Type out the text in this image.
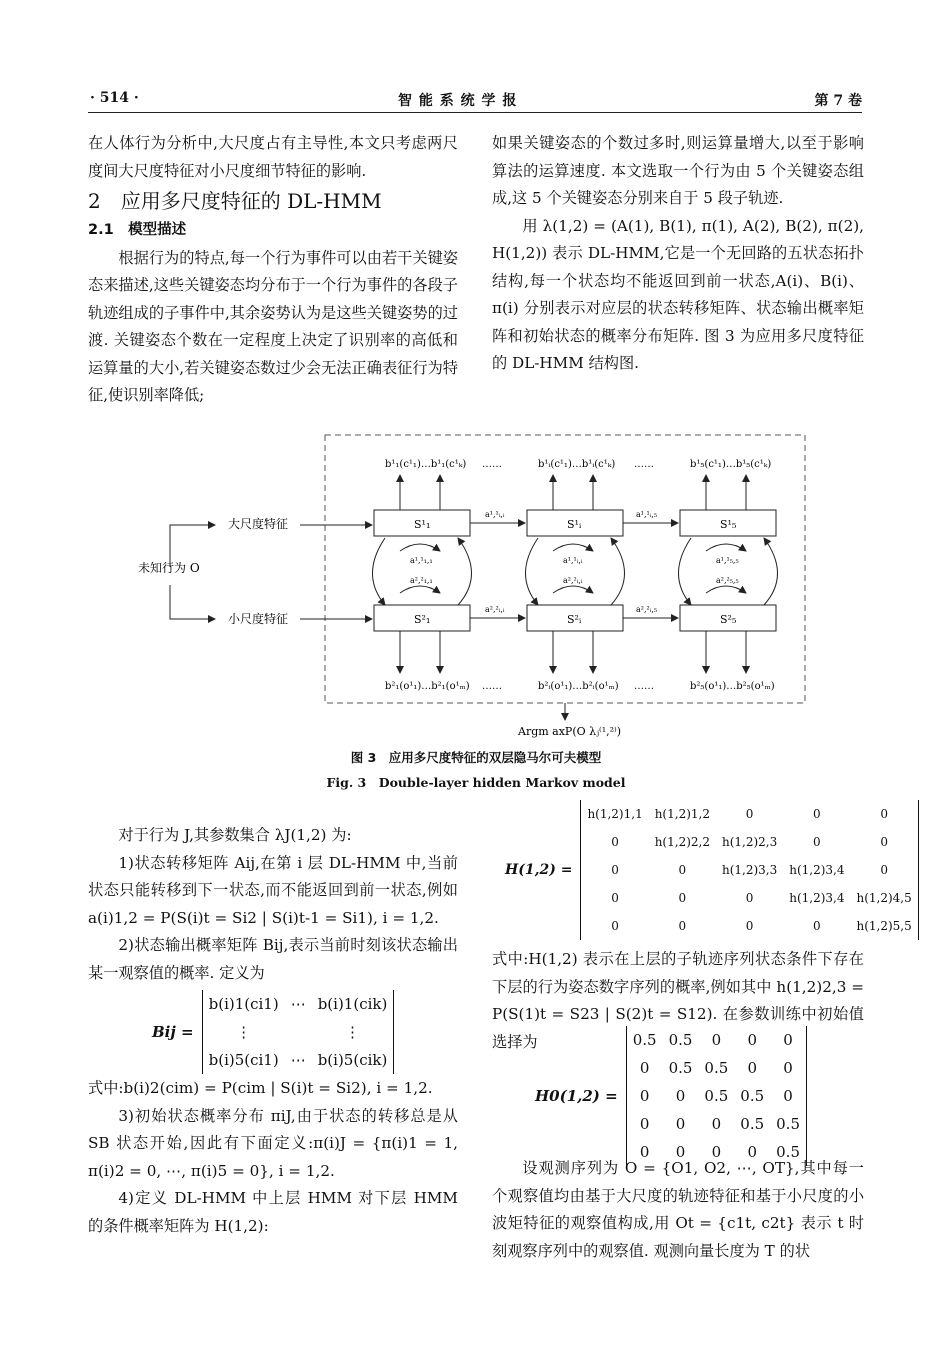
· 514 ·	智 能 系 统 学 报	第 7 卷

在人体行为分析中,大尺度占有主导性,本文只考虑两尺度间大尺度特征对小尺度细节特征的影响.

2　应用多尺度特征的 DL-HMM

2.1　模型描述

根据行为的特点,每一个行为事件可以由若干关键姿态来描述,这些关键姿态均分布于一个行为事件的各段子轨迹组成的子事件中,其余姿势认为是这些关键姿势的过渡. 关键姿态个数在一定程度上决定了识别率的高低和运算量的大小,若关键姿态数过少会无法正确表征行为特征,使识别率降低;

如果关键姿态的个数过多时,则运算量增大,以至于影响算法的运算速度. 本文选取一个行为由 5 个关键姿态组成,这 5 个关键姿态分别来自于 5 段子轨迹.

用 λ(1,2) = (A(1), B(1), π(1), A(2), B(2), π(2), H(1,2)) 表示 DL-HMM,它是一个无回路的五状态拓扑结构,每一个状态均不能返回到前一状态,A(i)、B(i)、π(i) 分别表示对应层的状态转移矩阵、状态输出概率矩阵和初始状态的概率分布矩阵. 图 3 为应用多尺度特征的 DL-HMM 结构图.

未知行为 O
大尺度特征
小尺度特征
S¹₁	S¹ᵢ	S¹₅
S²₁	S²ᵢ	S²₅
a¹,¹ᵢ,ᵢ	a¹,¹ᵢ,₅
a²,²ᵢ,ᵢ	a²,²ᵢ,₅
a¹,¹₁,₁
a²,²₁,₁
a¹,¹ᵢ,ᵢ
a²,²ᵢ,ᵢ
a¹,¹₅,₅
a²,²₅,₅
b¹₁(c¹₁)…b¹₁(c¹ₖ) ……	b¹ᵢ(c¹₁)…b¹ᵢ(c¹ₖ) ……	b¹₅(c¹₁)…b¹₅(c¹ₖ)
b²₁(o¹₁)…b²₁(o¹ₘ) ……	b²ᵢ(o¹₁)…b²ᵢ(o¹ₘ) ……	b²₅(o¹₁)…b²₅(o¹ₘ)
Argm axP(O λⱼ⁽¹,²⁾)
图 3　应用多尺度特征的双层隐马尔可夫模型
Fig. 3　Double-layer hidden Markov model

对于行为 J,其参数集合 λJ(1,2) 为:

1)状态转移矩阵 Aij,在第 i 层 DL-HMM 中,当前状态只能转移到下一状态,而不能返回到前一状态,例如 a(i)1,2 = P(S(i)t = Si2 | S(i)t-1 = Si1), i = 1,2.

2)状态输出概率矩阵 Bij,表示当前时刻该状态输出某一观察值的概率. 定义为

Bij =
b(i)1(ci1)	⋯	b(i)1(cik)
⋮		⋮
b(i)5(ci1)	⋯	b(i)5(cik)

式中:b(i)2(cim) = P(cim | S(i)t = Si2), i = 1,2.

3)初始状态概率分布 πiJ,由于状态的转移总是从 SB 状态开始,因此有下面定义:π(i)J = {π(i)1 = 1, π(i)2 = 0, ⋯, π(i)5 = 0}, i = 1,2.

4)定义 DL-HMM 中上层 HMM 对下层 HMM 的条件概率矩阵为 H(1,2):

H(1,2) =
h(1,2)1,1	h(1,2)1,2	0	0	0
0	h(1,2)2,2	h(1,2)2,3	0	0
0	0	h(1,2)3,3	h(1,2)3,4	0
0	0	0	h(1,2)3,4	h(1,2)4,5
0	0	0	0	h(1,2)5,5

式中:H(1,2) 表示在上层的子轨迹序列状态条件下存在下层的行为姿态数字序列的概率,例如其中 h(1,2)2,3 = P(S(1)t = S23 | S(2)t = S12). 在参数训练中初始值选择为

H0(1,2) =
0.5	0.5	0	0	0
0	0.5	0.5	0	0
0	0	0.5	0.5	0
0	0	0	0.5	0.5
0	0	0	0	0.5

设观测序列为 O = {O1, O2, ⋯, OT},其中每一个观察值均由基于大尺度的轨迹特征和基于小尺度的小波矩特征的观察值构成,用 Ot = {c1t, c2t} 表示 t 时刻观察序列中的观察值. 观测向量长度为 T 的状
